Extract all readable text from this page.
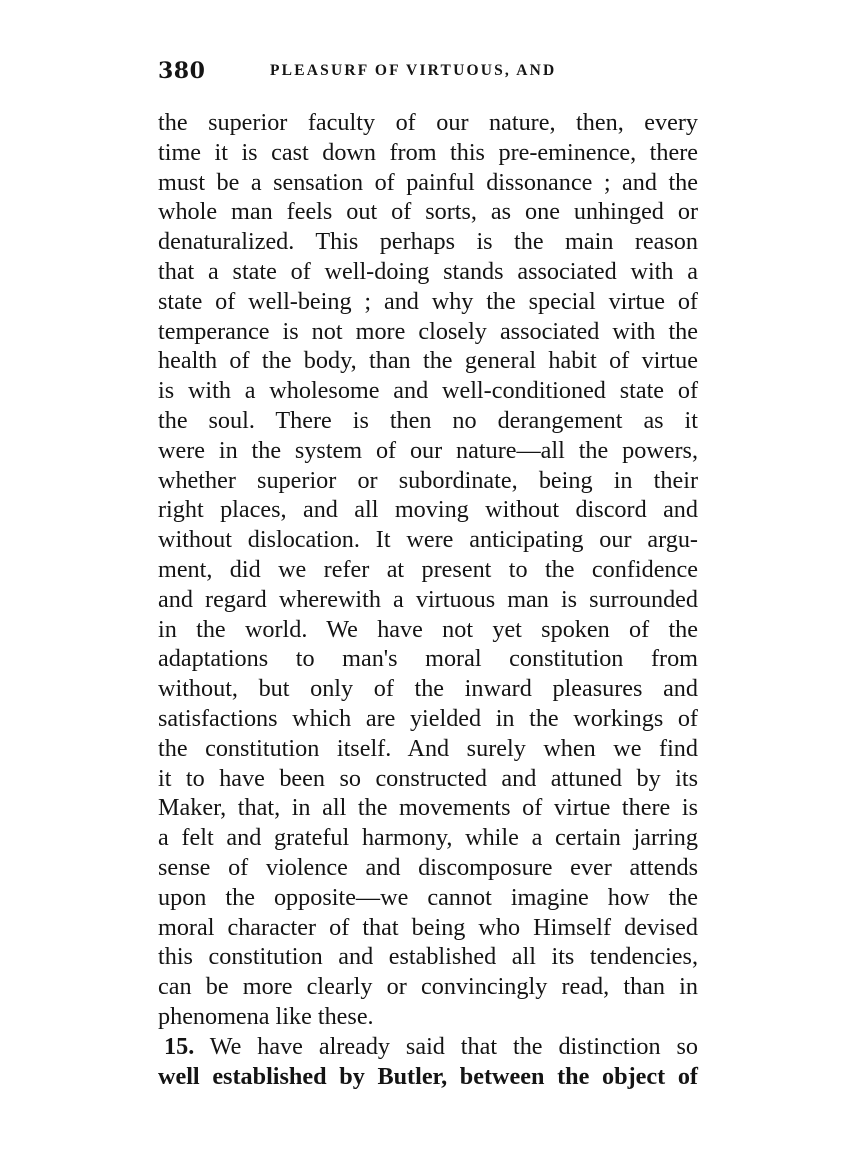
380	PLEASURF OF VIRTUOUS, AND
the superior faculty of our nature, then, every
time it is cast down from this pre-eminence, there
must be a sensation of painful dissonance ; and the
whole man feels out of sorts, as one unhinged or
denaturalized. This perhaps is the main reason
that a state of well-doing stands associated with a
state of well-being ; and why the special virtue of
temperance is not more closely associated with the
health of the body, than the general habit of virtue
is with a wholesome and well-conditioned state of
the soul. There is then no derangement as it
were in the system of our nature—all the powers,
whether superior or subordinate, being in their
right places, and all moving without discord and
without dislocation. It were anticipating our argu-
ment, did we refer at present to the confidence
and regard wherewith a virtuous man is surrounded
in the world. We have not yet spoken of the
adaptations to man's moral constitution from
without, but only of the inward pleasures and
satisfactions which are yielded in the workings of
the constitution itself. And surely when we find
it to have been so constructed and attuned by its
Maker, that, in all the movements of virtue there is
a felt and grateful harmony, while a certain jarring
sense of violence and discomposure ever attends
upon the opposite—we cannot imagine how the
moral character of that being who Himself devised
this constitution and established all its tendencies,
can be more clearly or convincingly read, than in
phenomena like these.
15. We have already said that the distinction so
well established by Butler, between the object of
